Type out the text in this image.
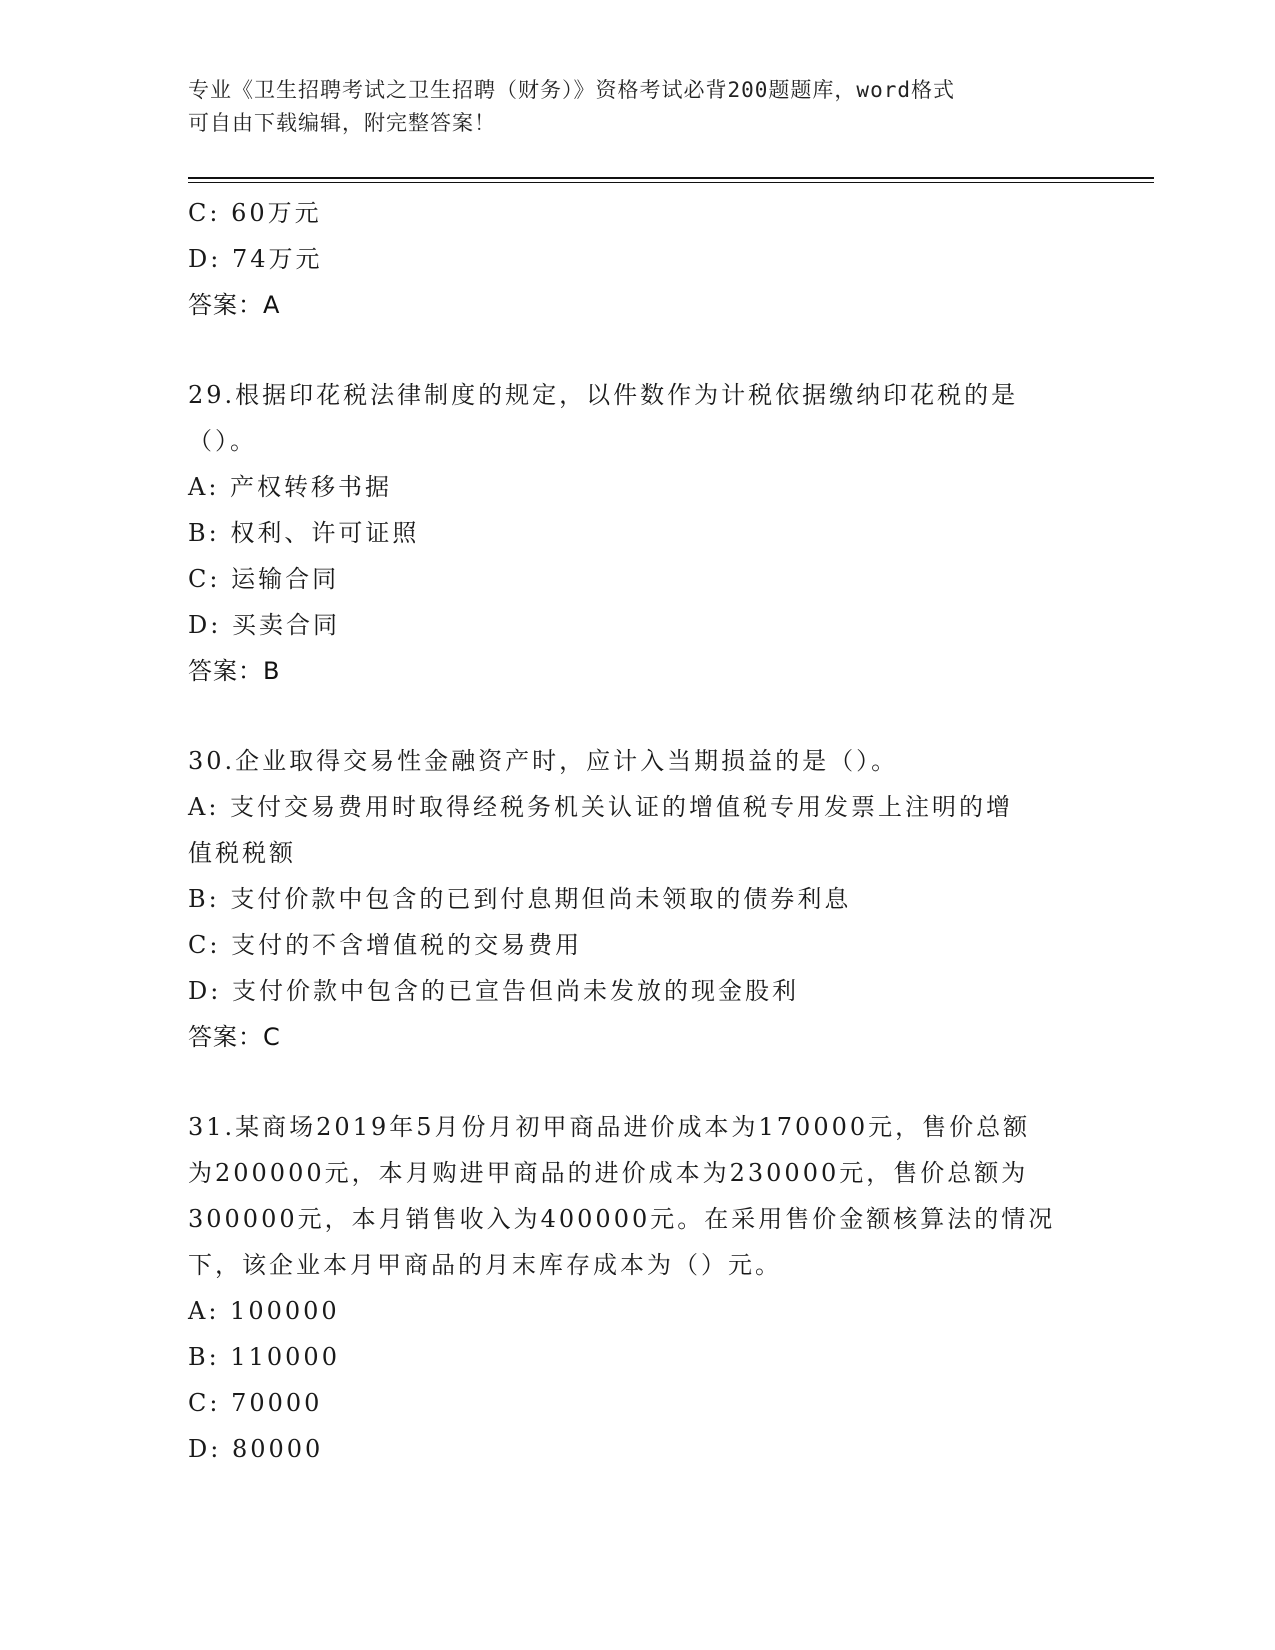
专业《卫生招聘考试之卫生招聘（财务）》资格考试必背200题题库，word格式
可自由下载编辑，附完整答案！
C: 60万元
D: 74万元
答案：A
29.根据印花税法律制度的规定，以件数作为计税依据缴纳印花税的是
（）。
A: 产权转移书据
B: 权利、许可证照
C: 运输合同
D: 买卖合同
答案：B
30.企业取得交易性金融资产时，应计入当期损益的是（）。
A: 支付交易费用时取得经税务机关认证的增值税专用发票上注明的增
值税税额
B: 支付价款中包含的已到付息期但尚未领取的债券利息
C: 支付的不含增值税的交易费用
D: 支付价款中包含的已宣告但尚未发放的现金股利
答案：C
31.某商场2019年5月份月初甲商品进价成本为170000元，售价总额
为200000元，本月购进甲商品的进价成本为230000元，售价总额为
300000元，本月销售收入为400000元。在采用售价金额核算法的情况
下，该企业本月甲商品的月末库存成本为（）元。
A: 100000
B: 110000
C: 70000
D: 80000
